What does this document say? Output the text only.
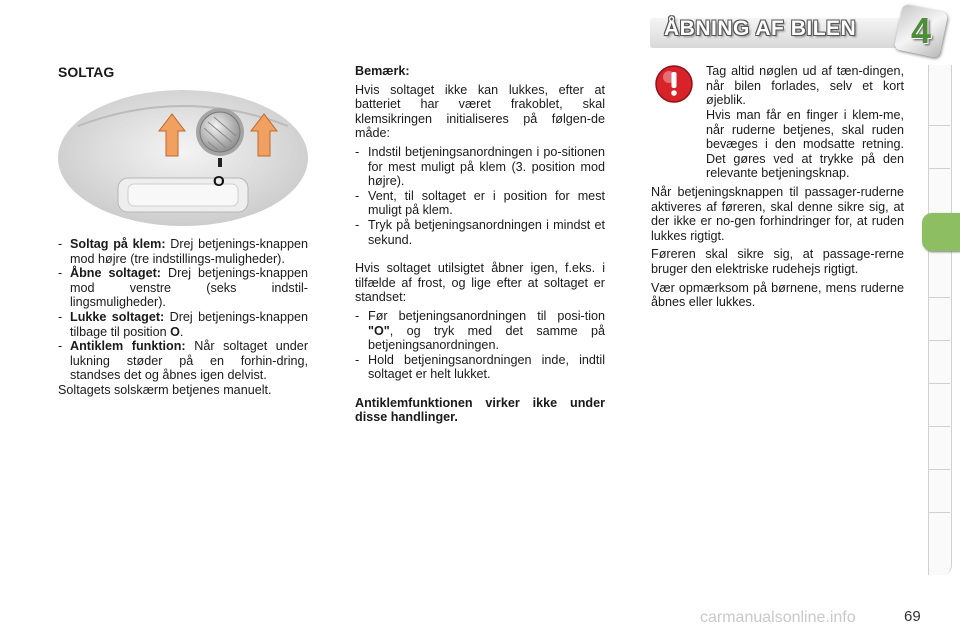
ÅBNING AF BILEN 4
SOLTAG
O

- Soltag på klem: Drej betjenings-knappen mod højre (tre indstillings-muligheder).

- Åbne soltaget: Drej betjenings-knappen mod venstre (seks indstil-lingsmuligheder).

- Lukke soltaget: Drej betjenings-knappen tilbage til position O.

- Antiklem funktion: Når soltaget under lukning støder på en forhin-dring, standses det og åbnes igen delvist.

Soltagets solskærm betjenes manuelt.

Bemærk:

Hvis soltaget ikke kan lukkes, efter at batteriet har været frakoblet, skal klemsikringen initialiseres på følgen-de måde:

- Indstil betjeningsanordningen i po-sitionen for mest muligt på klem (3. position mod højre).

- Vent, til soltaget er i position for mest muligt på klem.

- Tryk på betjeningsanordningen i mindst et sekund.

Hvis soltaget utilsigtet åbner igen, f.eks. i tilfælde af frost, og lige efter at soltaget er standset:

- Før betjeningsanordningen til posi-tion "O", og tryk med det samme på betjeningsanordningen.

- Hold betjeningsanordningen inde, indtil soltaget er helt lukket.

Antiklemfunktionen virker ikke under disse handlinger.

Tag altid nøglen ud af tæn-dingen, når bilen forlades, selv et kort øjeblik.

Hvis man får en finger i klem-me, når ruderne betjenes, skal ruden bevæges i den modsatte retning. Det gøres ved at trykke på den relevante betjeningsknap.

Når betjeningsknappen til passager-ruderne aktiveres af føreren, skal denne sikre sig, at der ikke er no-gen forhindringer for, at ruden lukkes rigtigt.

Føreren skal sikre sig, at passage-rerne bruger den elektriske rudehejs rigtigt.

Vær opmærksom på børnene, mens ruderne åbnes eller lukkes.

carmanualsonline.info	69
